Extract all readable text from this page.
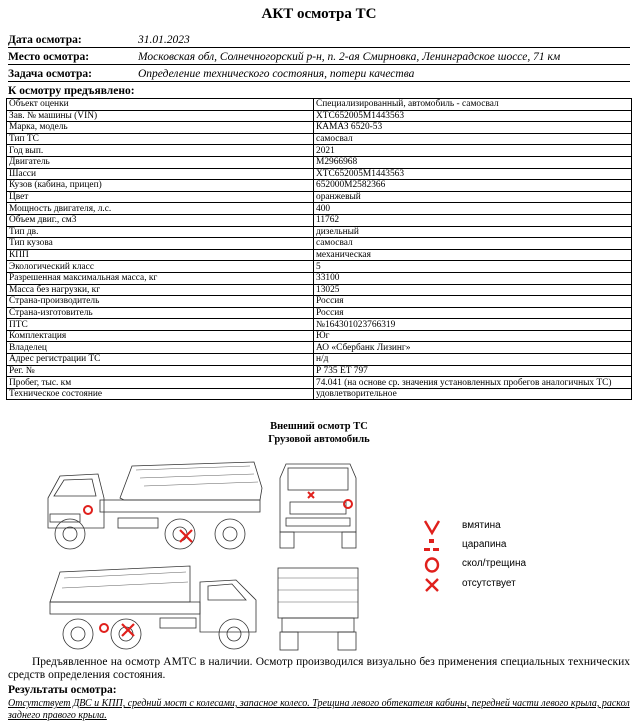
АКТ осмотра ТС
Дата осмотра:	31.01.2023
Место осмотра:	Московская обл, Солнечногорский р-н, п. 2-ая Смирновка, Ленинградское шоссе, 71 км
Задача осмотра:	Определение технического состояния, потери качества
К осмотру предъявлено:
Объект оценки	Специализированный, автомобиль - самосвал
Зав. № машины (VIN)	XTC652005M1443563
Марка, модель	КАМАЗ 6520-53
Тип ТС	самосвал
Год вып.	2021
Двигатель	М2966968
Шасси	XTC652005M1443563
Кузов (кабина, прицеп)	652000М2582366
Цвет	оранжевый
Мощность двигателя, л.с.	400
Объем двиг., см3	11762
Тип дв.	дизельный
Тип кузова	самосвал
КПП	механическая
Экологический класс	5
Разрешенная максимальная масса, кг	33100
Масса без нагрузки, кг	13025
Страна-производитель	Россия
Страна-изготовитель	Россия
ПТС	№164301023766319
Комплектация	Юг
Владелец	АО «Сбербанк Лизинг»
Адрес регистрации ТС	н/д
Рег. №	Р 735 ЕТ 797
Пробег, тыс. км	74.041 (на основе ср. значения установленных пробегов аналогичных ТС)
Техническое состояние	удовлетворительное
Внешний осмотр ТС
Грузовой автомобиль
вмятина
царапина
скол/трещина
отсутствует
Предъявленное на осмотр АМТС в наличии. Осмотр производился визуально без применения специальных технических средств определения состояния.
Результаты осмотра:
Отсутствует ДВС и КПП, средний мост с колесами, запасное колесо. Трещина левого обтекателя кабины, передней части левого крыла, раскол заднего правого крыла.
